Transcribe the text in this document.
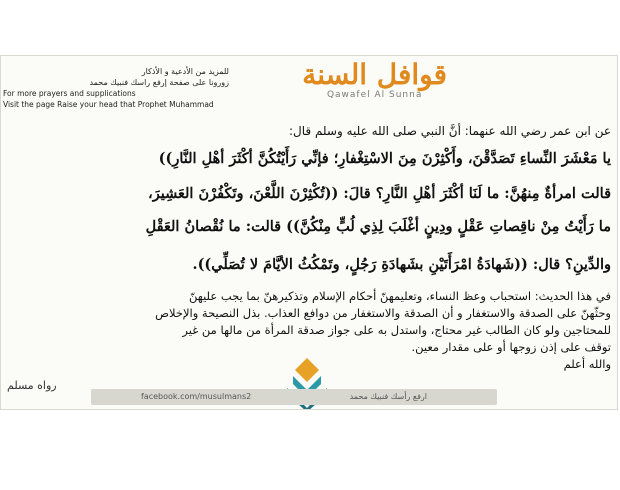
للمزيد من الأدعية و الأذكار
زورونا على صفحة إرفع راسك فنبيك محمد
For more prayers and supplications
Visit the page Raise your head that Prophet Muhammad
قوافل السنة
Qawafel Al Sunna
عن ابن عمر رضي الله عنهما: أنَّ النبي صلى الله عليه وسلم قال:
يا مَعْشَرَ النِّساءِ تَصَدَّقْنَ، وأَكْثِرْنَ مِنَ الاسْتِغْفارِ؛ فإنِّي رَأَيْتُكُنَّ أكْثَرَ أهْلِ النَّارِ))
قالت امرأةٌ مِنهُنَّ: ما لَنَا أكْثَرَ أهْلِ النَّارِ؟ قالَ: ((تُكْثِرْنَ اللَّعْنَ، وتَكْفُرْنَ العَشِيرَ،
ما رَأَيْتُ مِنْ ناقِصاتِ عَقْلٍ ودِينٍ أغْلَبَ لِذِي لُبٍّ مِنْكُنَّ)) قالت: ما نُقْصانُ العَقْلِ
والدِّينِ؟ قال: ((شَهادَةُ امْرَأَتَيْنِ بشَهادَةِ رَجُلٍ، وتَمْكُثُ الأيَّامَ لا تُصَلِّي)).
في هذا الحديث: استحباب وعظ النساء، وتعليمهنّ أحكام الإسلام وتذكيرهنّ بما يجب عليهنّ
وحثّهنّ على الصدقة والاستغفار و أن الصدقة والاستغفار من دوافع العذاب. بذل النصيحة والإخلاص
للمحتاجين ولو كان الطالب غير محتاج، واستدل به على جواز صدقة المرأة من مالها من غير
توقف على إذن زوجها أو على مقدار معين.
والله أعلم
رواه مسلم
facebook.com/musulmans2	ارفع رأسك فنبيك محمد
